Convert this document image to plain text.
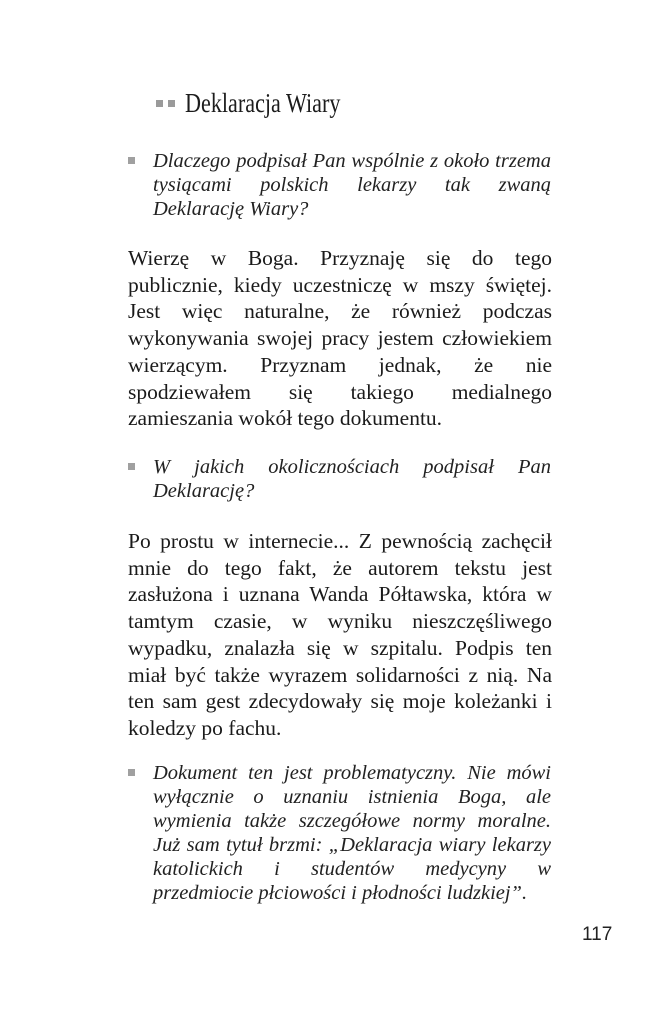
Deklaracja Wiary
Dlaczego podpisał Pan wspólnie z około trzema tysiącami polskich lekarzy tak zwaną Deklarację Wiary?
Wierzę w Boga. Przyznaję się do tego publicznie, kiedy uczestniczę w mszy świętej. Jest więc naturalne, że również podczas wykonywania swojej pracy jestem człowiekiem wierzącym. Przyznam jednak, że nie spodziewałem się takiego medialnego zamieszania wokół tego dokumentu.
W jakich okolicznościach podpisał Pan Deklarację?
Po prostu w internecie... Z pewnością zachęcił mnie do tego fakt, że autorem tekstu jest zasłużona i uznana Wanda Półtawska, która w tamtym czasie, w wyniku nieszczęśliwego wypadku, znalazła się w szpitalu. Podpis ten miał być także wyrazem solidarności z nią. Na ten sam gest zdecydowały się moje koleżanki i koledzy po fachu.
Dokument ten jest problematyczny. Nie mówi wyłącznie o uznaniu istnienia Boga, ale wymienia także szczegółowe normy moralne. Już sam tytuł brzmi: „Deklaracja wiary lekarzy katolickich i studentów medycyny w przedmiocie płciowości i płodności ludzkiej”.
117
